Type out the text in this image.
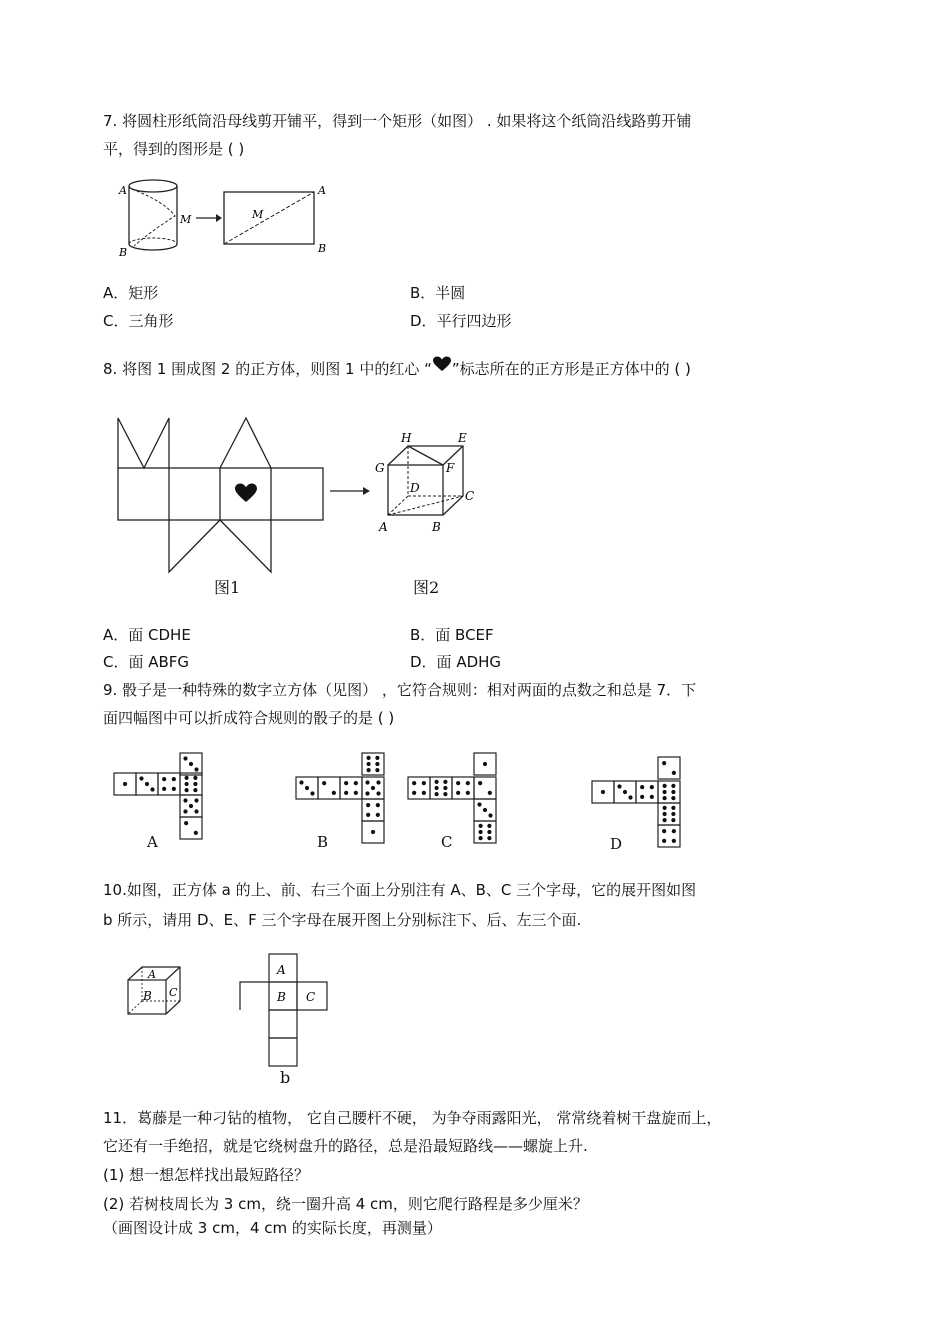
7. 将圆柱形纸筒沿母线剪开铺平，得到一个矩形（如图） . 如果将这个纸筒沿线路剪开铺
平，得到的图形是 ( )
A
B
M	M
A
B
A．矩形	B．半圆
C．三角形	D．平行四边形
8. 将图 1 围成图 2 的正方体，则图 1 中的红心 “ ”标志所在的正方形是正方体中的 ( )
H	E
G	F
D
C
A	B
图1	图2
A．面 CDHE	B．面 BCEF
C．面 ABFG	D．面 ADHG
9. 骰子是一种特殊的数字立方体（见图） ，它符合规则：相对两面的点数之和总是 7．下
面四幅图中可以折成符合规则的骰子的是 ( )
A	B	C	D
10.如图，正方体 a 的上、前、右三个面上分别注有 A、B、C 三个字母，它的展开图如图
b 所示，请用 D、E、F 三个字母在展开图上分别标注下、后、左三个面.
A
B C
A
B C
b
11．葛藤是一种刁钻的植物， 它自己腰杆不硬， 为争夺雨露阳光， 常常绕着树干盘旋而上，
它还有一手绝招，就是它绕树盘升的路径，总是沿最短路线——螺旋上升.
(1) 想一想怎样找出最短路径？
(2) 若树枝周长为 3 cm，绕一圈升高 4 cm，则它爬行路程是多少厘米？
（画图设计成 3 cm，4 cm 的实际长度，再测量）
